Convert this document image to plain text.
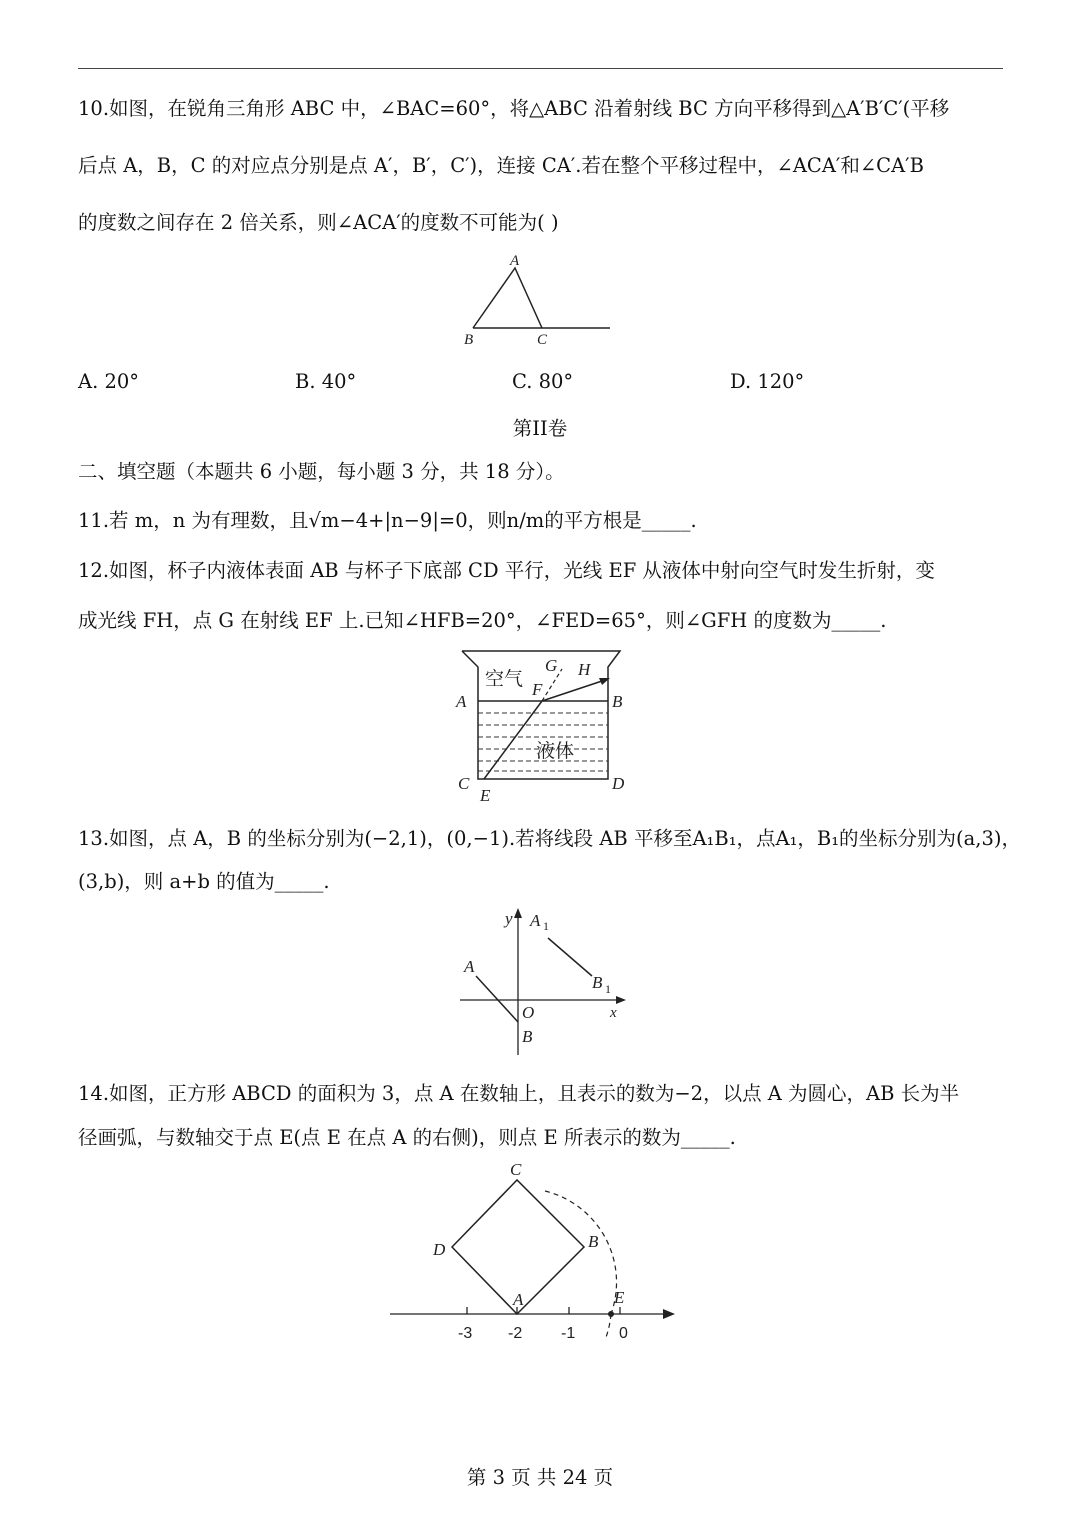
10.如图，在锐角三角形 ABC 中，∠BAC=60°，将△ABC 沿着射线 BC 方向平移得到△A′B′C′(平移
后点 A，B，C 的对应点分别是点 A′，B′，C′)，连接 CA′.若在整个平移过程中，∠ACA′和∠CA′B
的度数之间存在 2 倍关系，则∠ACA′的度数不可能为( )
A
B	C
A. 20°	B. 40°	C. 80°	D. 120°
第II卷
二、填空题（本题共 6 小题，每小题 3 分，共 18 分）。
11.若 m，n 为有理数，且√m−4+|n−9|=0，则n/m的平方根是_____.
12.如图，杯子内液体表面 AB 与杯子下底部 CD 平行，光线 EF 从液体中射向空气时发生折射，变
成光线 FH，点 G 在射线 EF 上.已知∠HFB=20°，∠FED=65°，则∠GFH 的度数为_____.
空气
液体
A	B
C	D
E
F
G H
13.如图，点 A，B 的坐标分别为(−2,1)，(0,−1).若将线段 AB 平移至A₁B₁，点A₁，B₁的坐标分别为(a,3)，
(3,b)，则 a+b 的值为_____.
y
x
O
A
B
A 1
B 1
14.如图，正方形 ABCD 的面积为 3，点 A 在数轴上，且表示的数为−2，以点 A 为圆心，AB 长为半
径画弧，与数轴交于点 E(点 E 在点 A 的右侧)，则点 E 所表示的数为_____.
C
B
D
A	E
-3 -2 -1	0
第 3 页 共 24 页
